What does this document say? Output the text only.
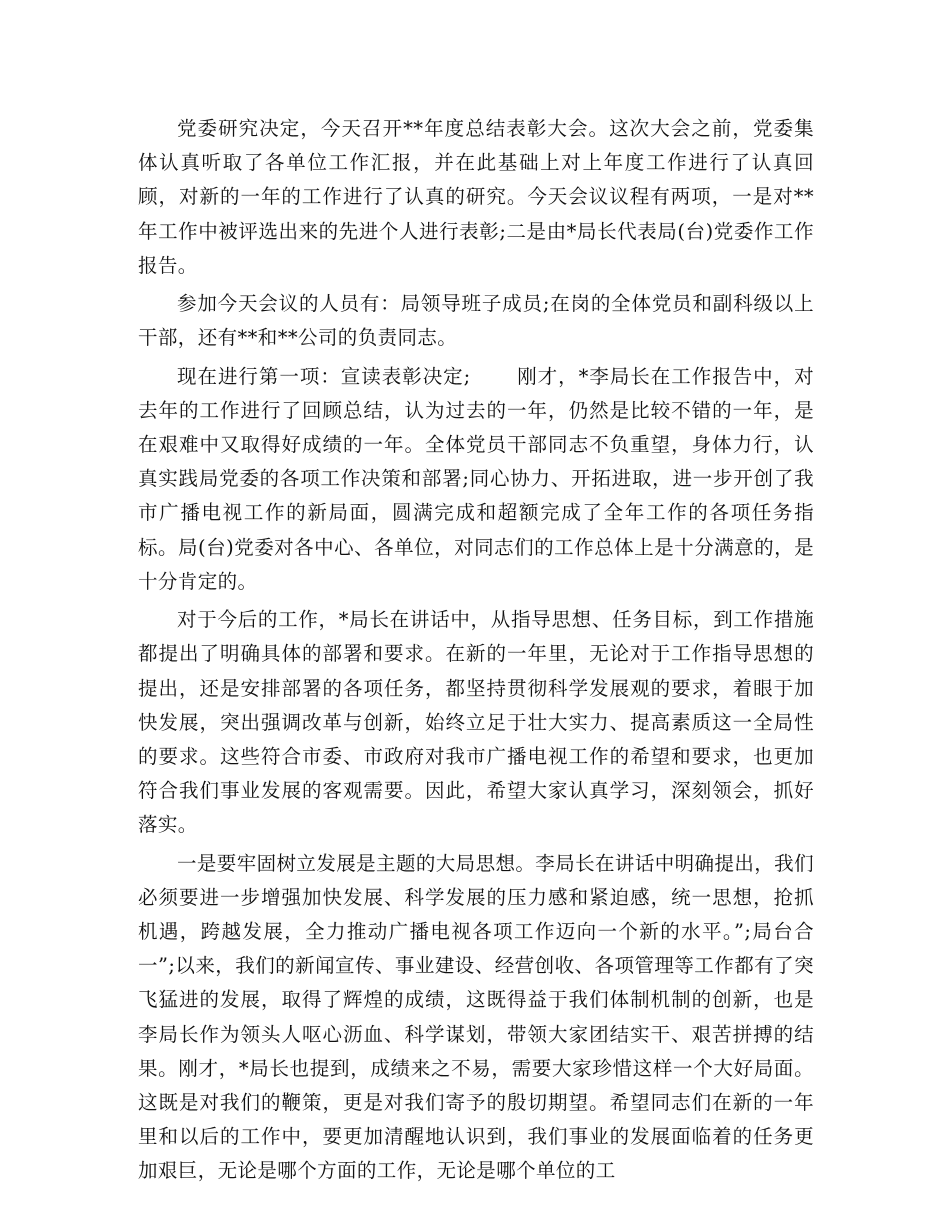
党委研究决定，今天召开**年度总结表彰大会。这次大会之前，党委集体认真听取了各单位工作汇报，并在此基础上对上年度工作进行了认真回顾，对新的一年的工作进行了认真的研究。今天会议议程有两项，一是对**年工作中被评选出来的先进个人进行表彰;二是由*局长代表局(台)党委作工作报告。

参加今天会议的人员有：局领导班子成员;在岗的全体党员和副科级以上干部，还有**和**公司的负责同志。

现在进行第一项：宣读表彰决定; 刚才，*李局长在工作报告中，对去年的工作进行了回顾总结，认为过去的一年，仍然是比较不错的一年，是在艰难中又取得好成绩的一年。全体党员干部同志不负重望，身体力行，认真实践局党委的各项工作决策和部署;同心协力、开拓进取，进一步开创了我市广播电视工作的新局面，圆满完成和超额完成了全年工作的各项任务指标。局(台)党委对各中心、各单位，对同志们的工作总体上是十分满意的，是十分肯定的。

对于今后的工作，*局长在讲话中，从指导思想、任务目标，到工作措施都提出了明确具体的部署和要求。在新的一年里，无论对于工作指导思想的提出，还是安排部署的各项任务，都坚持贯彻科学发展观的要求，着眼于加快发展，突出强调改革与创新，始终立足于壮大实力、提高素质这一全局性的要求。这些符合市委、市政府对我市广播电视工作的希望和要求，也更加符合我们事业发展的客观需要。因此，希望大家认真学习，深刻领会，抓好落实。

一是要牢固树立发展是主题的大局思想。李局长在讲话中明确提出，我们必须要进一步增强加快发展、科学发展的压力感和紧迫感，统一思想，抢抓机遇，跨越发展，全力推动广播电视各项工作迈向一个新的水平。”;局台合一”;以来，我们的新闻宣传、事业建设、经营创收、各项管理等工作都有了突飞猛进的发展，取得了辉煌的成绩，这既得益于我们体制机制的创新，也是李局长作为领头人呕心沥血、科学谋划，带领大家团结实干、艰苦拼搏的结果。刚才，*局长也提到，成绩来之不易，需要大家珍惜这样一个大好局面。这既是对我们的鞭策，更是对我们寄予的殷切期望。希望同志们在新的一年里和以后的工作中，要更加清醒地认识到，我们事业的发展面临着的任务更加艰巨，无论是哪个方面的工作，无论是哪个单位的工
